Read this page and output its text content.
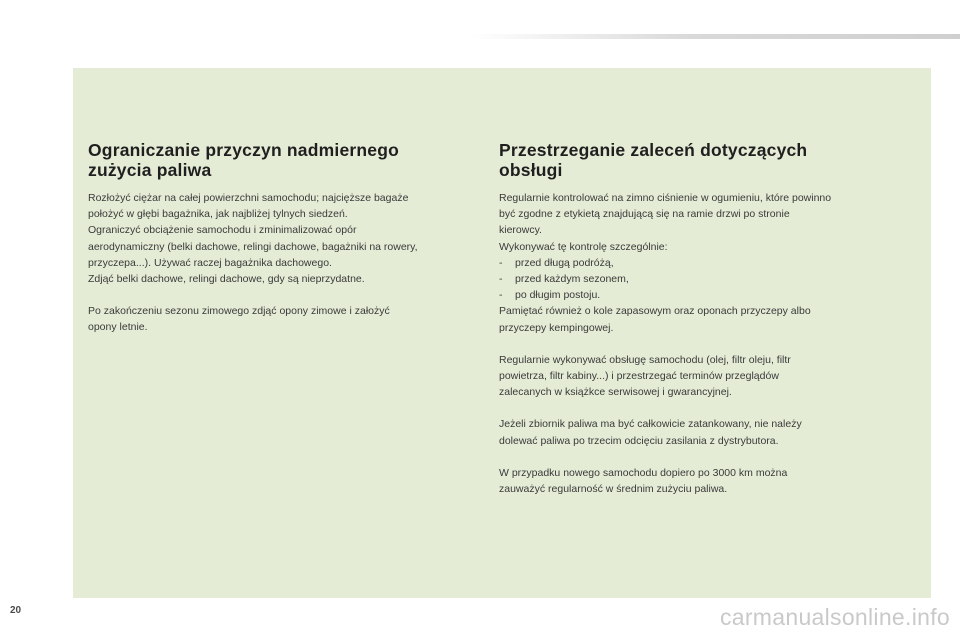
Ograniczanie przyczyn nadmiernego
zużycia paliwa

Rozłożyć ciężar na całej powierzchni samochodu; najcięższe bagaże
położyć w głębi bagażnika, jak najbliżej tylnych siedzeń.
Ograniczyć obciążenie samochodu i zminimalizować opór
aerodynamiczny (belki dachowe, relingi dachowe, bagażniki na rowery,
przyczepa...). Używać raczej bagażnika dachowego.
Zdjąć belki dachowe, relingi dachowe, gdy są nieprzydatne.

Po zakończeniu sezonu zimowego zdjąć opony zimowe i założyć
opony letnie.

Przestrzeganie zaleceń dotyczących
obsługi

Regularnie kontrolować na zimno ciśnienie w ogumieniu, które powinno
być zgodne z etykietą znajdującą się na ramie drzwi po stronie
kierowcy.
Wykonywać tę kontrolę szczególnie:

-	przed długą podróżą,
-	przed każdym sezonem,
-	po długim postoju.

Pamiętać również o kole zapasowym oraz oponach przyczepy albo
przyczepy kempingowej.

Regularnie wykonywać obsługę samochodu (olej, filtr oleju, filtr
powietrza, filtr kabiny...) i przestrzegać terminów przeglądów
zalecanych w książkce serwisowej i gwarancyjnej.

Jeżeli zbiornik paliwa ma być całkowicie zatankowany, nie należy
dolewać paliwa po trzecim odcięciu zasilania z dystrybutora.

W przypadku nowego samochodu dopiero po 3000 km można
zauważyć regularność w średnim zużyciu paliwa.

20	carmanualsonline.info
